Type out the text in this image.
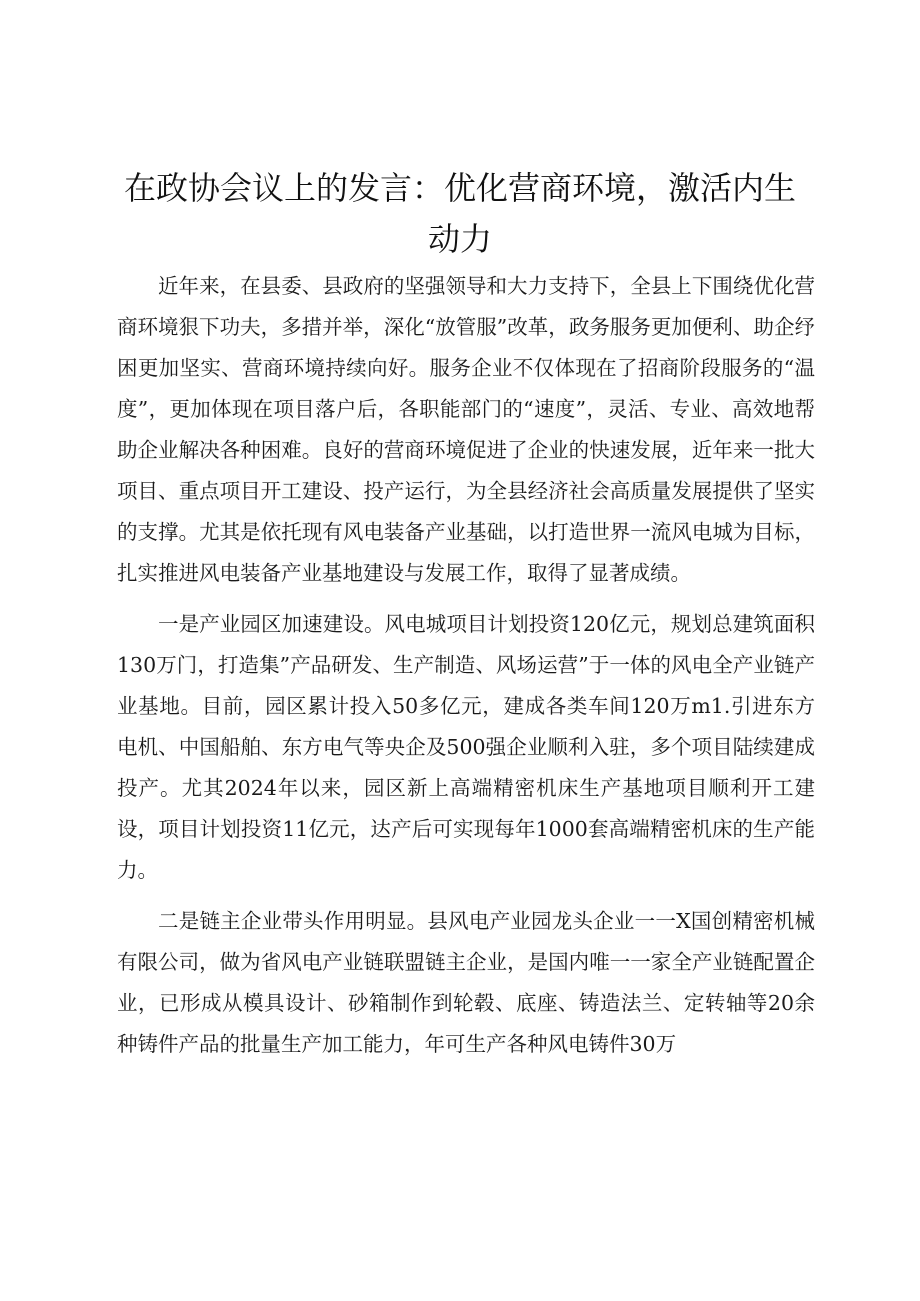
在政协会议上的发言：优化营商环境，激活内生动力

近年来，在县委、县政府的坚强领导和大力支持下，全县上下围绕优化营商环境狠下功夫，多措并举，深化“放管服”改革，政务服务更加便利、助企纾困更加坚实、营商环境持续向好。服务企业不仅体现在了招商阶段服务的“温度”，更加体现在项目落户后，各职能部门的“速度”，灵活、专业、高效地帮助企业解决各种困难。良好的营商环境促进了企业的快速发展，近年来一批大项目、重点项目开工建设、投产运行，为全县经济社会高质量发展提供了坚实的支撑。尤其是依托现有风电装备产业基础，以打造世界一流风电城为目标，扎实推进风电装备产业基地建设与发展工作，取得了显著成绩。

一是产业园区加速建设。风电城项目计划投资120亿元，规划总建筑面积130万门，打造集”产品研发、生产制造、风场运营”于一体的风电全产业链产业基地。目前，园区累计投入50多亿元，建成各类车间120万m1.引进东方电机、中国船舶、东方电气等央企及500强企业顺利入驻，多个项目陆续建成投产。尤其2024年以来，园区新上高端精密机床生产基地项目顺利开工建设，项目计划投资11亿元，达产后可实现每年1000套高端精密机床的生产能力。

二是链主企业带头作用明显。县风电产业园龙头企业一一X国创精密机械有限公司，做为省风电产业链联盟链主企业，是国内唯一一家全产业链配置企业，已形成从模具设计、砂箱制作到轮毂、底座、铸造法兰、定转轴等20余种铸件产品的批量生产加工能力，年可生产各种风电铸件30万
